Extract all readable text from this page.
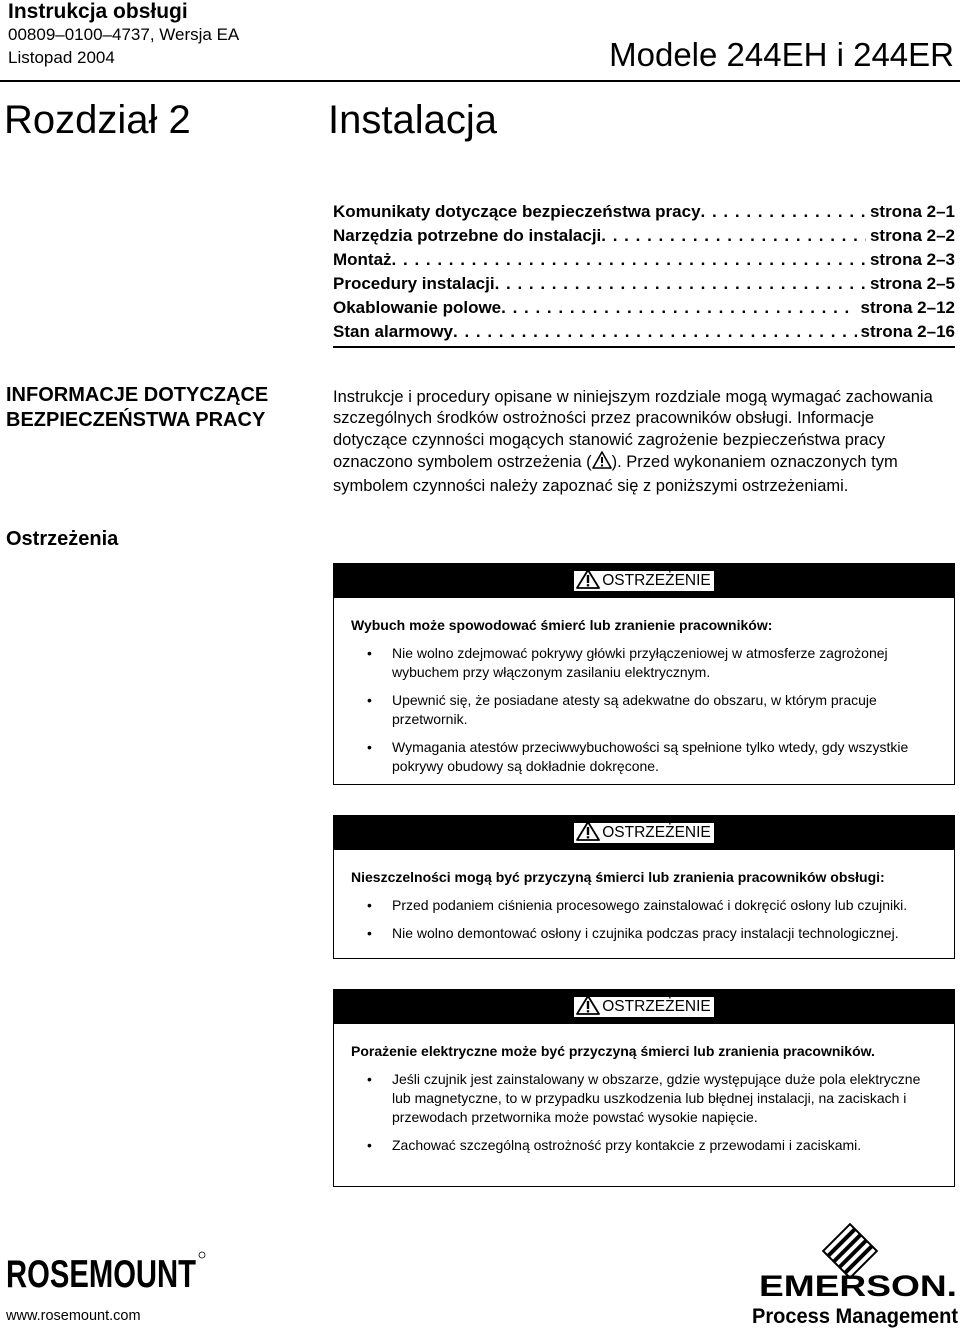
Instrukcja obsługi
00809–0100–4737, Wersja EA
Listopad 2004	Modele 244EH i 244ER
Rozdział 2	Instalacja
Komunikaty dotyczące bezpieczeństwa pracy . . .	strona 2–1
Narzędzia potrzebne do instalacji . . .	strona 2–2
Montaż . . .	strona 2–3
Procedury instalacji . . .	strona 2–5
Okablowanie polowe . . .	strona 2–12
Stan alarmowy . . .	strona 2–16
INFORMACJE DOTYCZĄCE
BEZPIECZEŃSTWA PRACY
Ostrzeżenia
Instrukcje i procedury opisane w niniejszym rozdziale mogą wymagać zachowania szczególnych środków ostrożności przez pracowników obsługi. Informacje dotyczące czynności mogących stanowić zagrożenie bezpieczeństwa pracy oznaczono symbolem ostrzeżenia ( ). Przed wykonaniem oznaczonych tym symbolem czynności należy zapoznać się z poniższymi ostrzeżeniami.
OSTRZEŻENIE
Wybuch może spowodować śmierć lub zranienie pracowników:
• Nie wolno zdejmować pokrywy główki przyłączeniowej w atmosferze zagrożonej wybuchem przy włączonym zasilaniu elektrycznym.
• Upewnić się, że posiadane atesty są adekwatne do obszaru, w którym pracuje przetwornik.
• Wymagania atestów przeciwwybuchowości są spełnione tylko wtedy, gdy wszystkie pokrywy obudowy są dokładnie dokręcone.
OSTRZEŻENIE
Nieszczelności mogą być przyczyną śmierci lub zranienia pracowników obsługi:
• Przed podaniem ciśnienia procesowego zainstalować i dokręcić osłony lub czujniki.
• Nie wolno demontować osłony i czujnika podczas pracy instalacji technologicznej.
OSTRZEŻENIE
Porażenie elektryczne może być przyczyną śmierci lub zranienia pracowników.
• Jeśli czujnik jest zainstalowany w obszarze, gdzie występujące duże pola elektryczne lub magnetyczne, to w przypadku uszkodzenia lub błędnej instalacji, na zaciskach i przewodach przetwornika może powstać wysokie napięcie.
• Zachować szczególną ostrożność przy kontakcie z przewodami i zaciskami.
ROSEMOUNT
www.rosemount.com
EMERSON.
Process Management
